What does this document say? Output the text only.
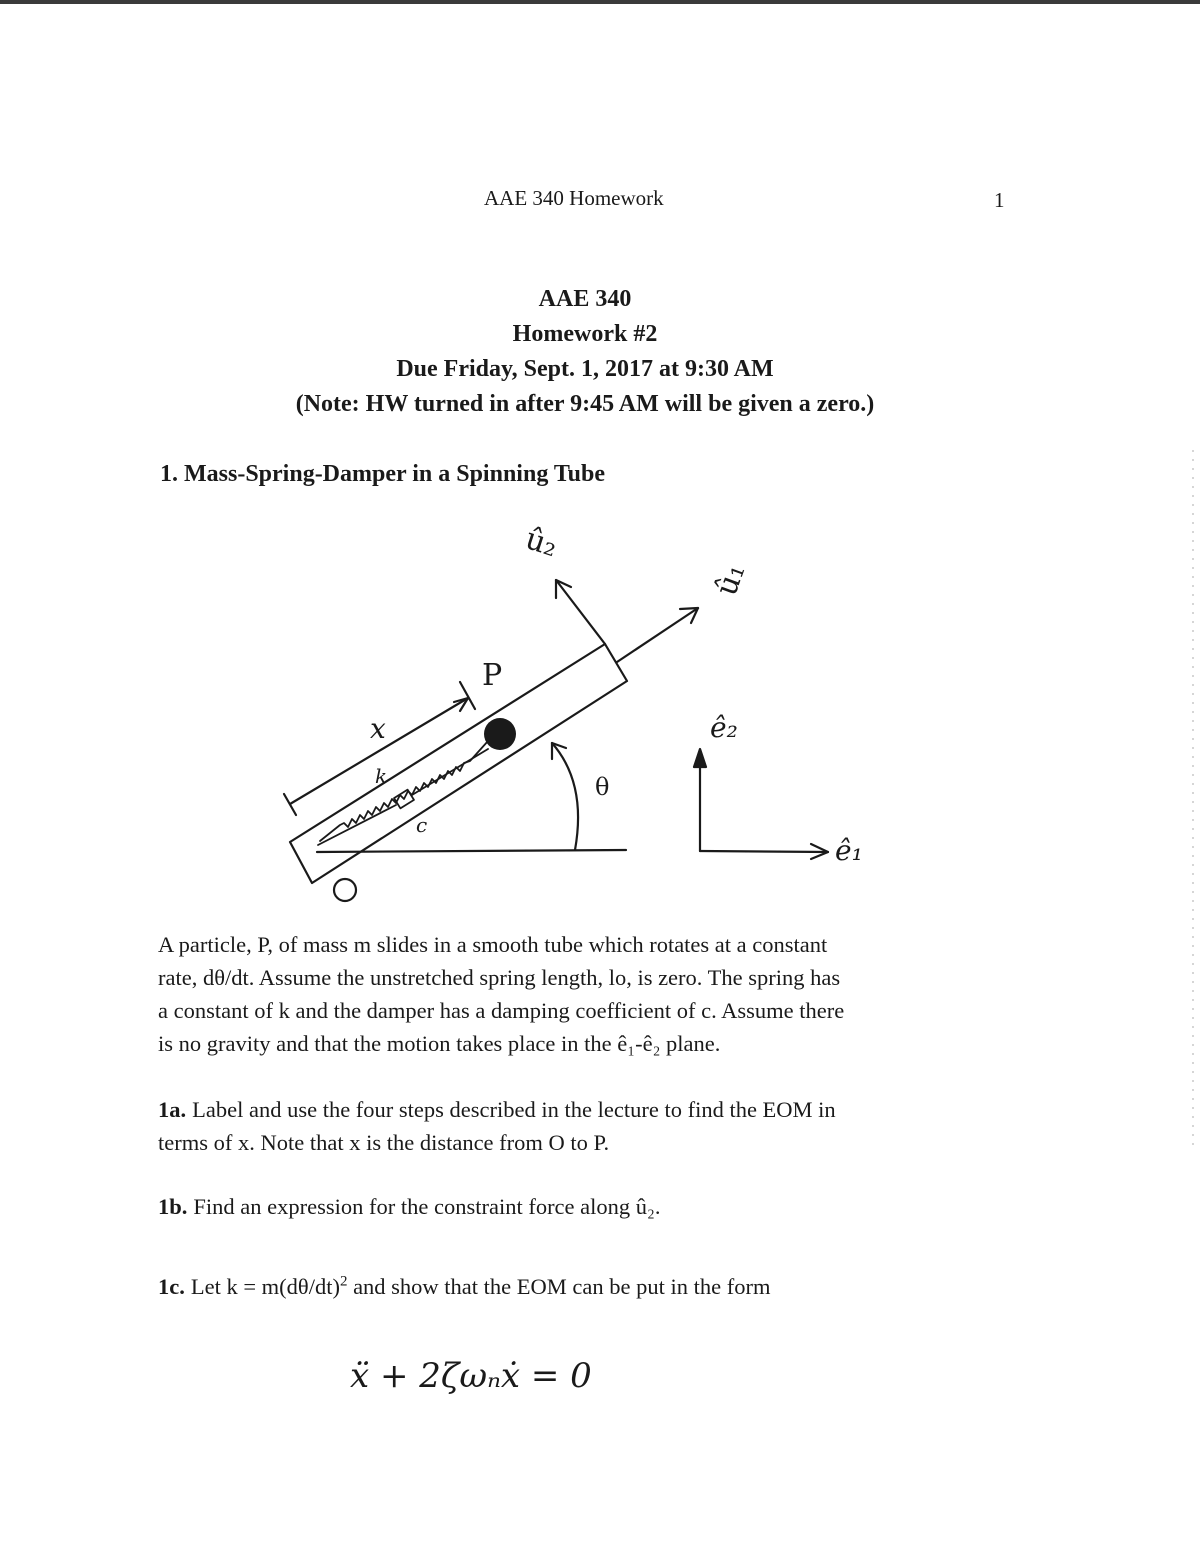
AAE 340 Homework	1
AAE 340
Homework #2
Due Friday, Sept. 1, 2017 at 9:30 AM
(Note: HW turned in after 9:45 AM will be given a zero.)
1. Mass-Spring-Damper in a Spinning Tube
û₂
û₁
ê₂
ê₁
x
P
k
c
θ
A particle, P, of mass m slides in a smooth tube which rotates at a constant
rate, dθ/dt. Assume the unstretched spring length, lo, is zero. The spring has
a constant of k and the damper has a damping coefficient of c. Assume there
is no gravity and that the motion takes place in the ê₁-ê₂ plane.
1a. Label and use the four steps described in the lecture to find the EOM in
terms of x. Note that x is the distance from O to P.
1b. Find an expression for the constraint force along û₂.
1c. Let $k = m(d\theta/dt)^2$ and show that the EOM can be put in the form
ẍ + 2ζωₙẋ = 0
